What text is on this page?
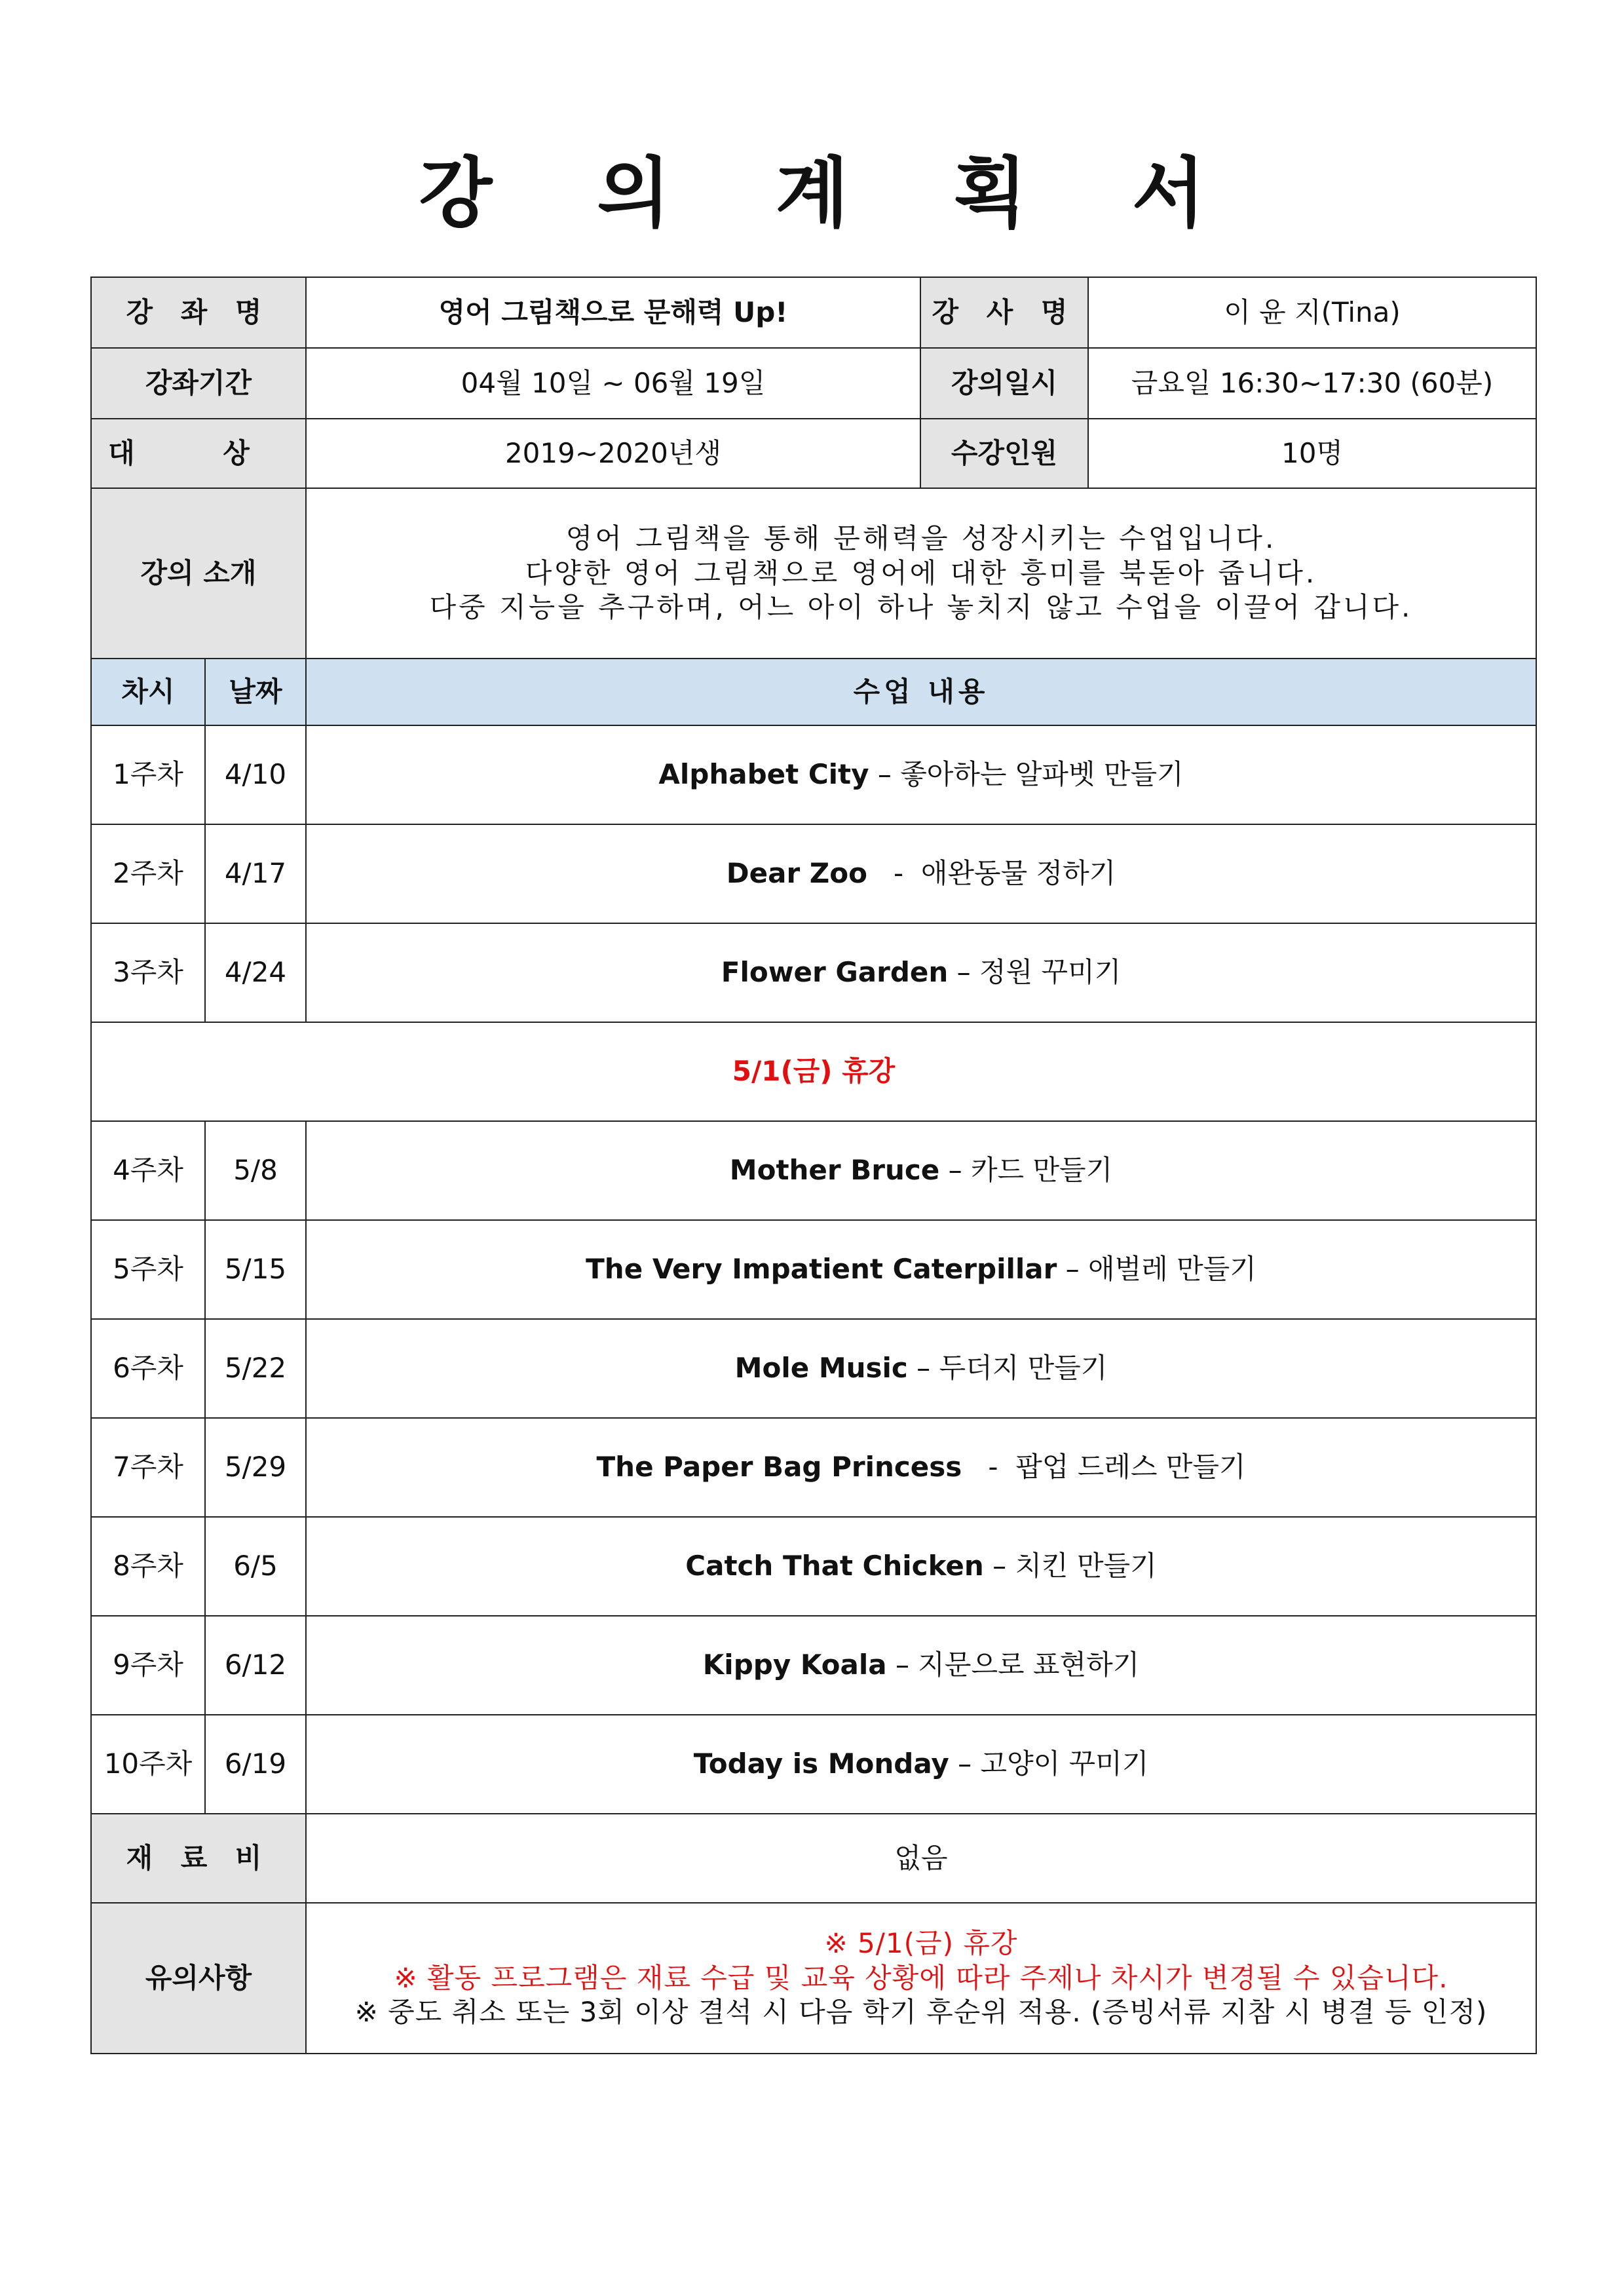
강 의 계 획 서
강 좌 명		영어 그림책으로 문해력 Up!	강 사 명	이 윤 지(Tina)
강좌기간		04월 10일 ~ 06월 19일	강의일시	금요일 16:30~17:30 (60분)
대 상		2019~2020년생	수강인원	10명
강의 소개		영어 그림책을 통해 문해력을 성장시키는 수업입니다.
다양한 영어 그림책으로 영어에 대한 흥미를 북돋아 줍니다.
다중 지능을 추구하며, 어느 아이 하나 놓치지 않고 수업을 이끌어 갑니다.		

차시	날짜	수업 내용		
1주차	4/10	Alphabet City – 좋아하는 알파벳 만들기		
2주차	4/17	Dear Zoo   -  애완동물 정하기		
3주차	4/24	Flower Garden – 정원 꾸미기		
5/1(금) 휴강				
4주차	5/8	Mother Bruce – 카드 만들기		
5주차	5/15	The Very Impatient Caterpillar – 애벌레 만들기		
6주차	5/22	Mole Music – 두더지 만들기		
7주차	5/29	The Paper Bag Princess   -  팝업 드레스 만들기		
8주차	6/5	Catch That Chicken – 치킨 만들기		
9주차	6/12	Kippy Koala – 지문으로 표현하기		
10주차	6/19	Today is Monday – 고양이 꾸미기		
재 료 비		없음		
유의사항		※ 5/1(금) 휴강
※ 활동 프로그램은 재료 수급 및 교육 상황에 따라 주제나 차시가 변경될 수 있습니다.
※ 중도 취소 또는 3회 이상 결석 시 다음 학기 후순위 적용. (증빙서류 지참 시 병결 등 인정)		
